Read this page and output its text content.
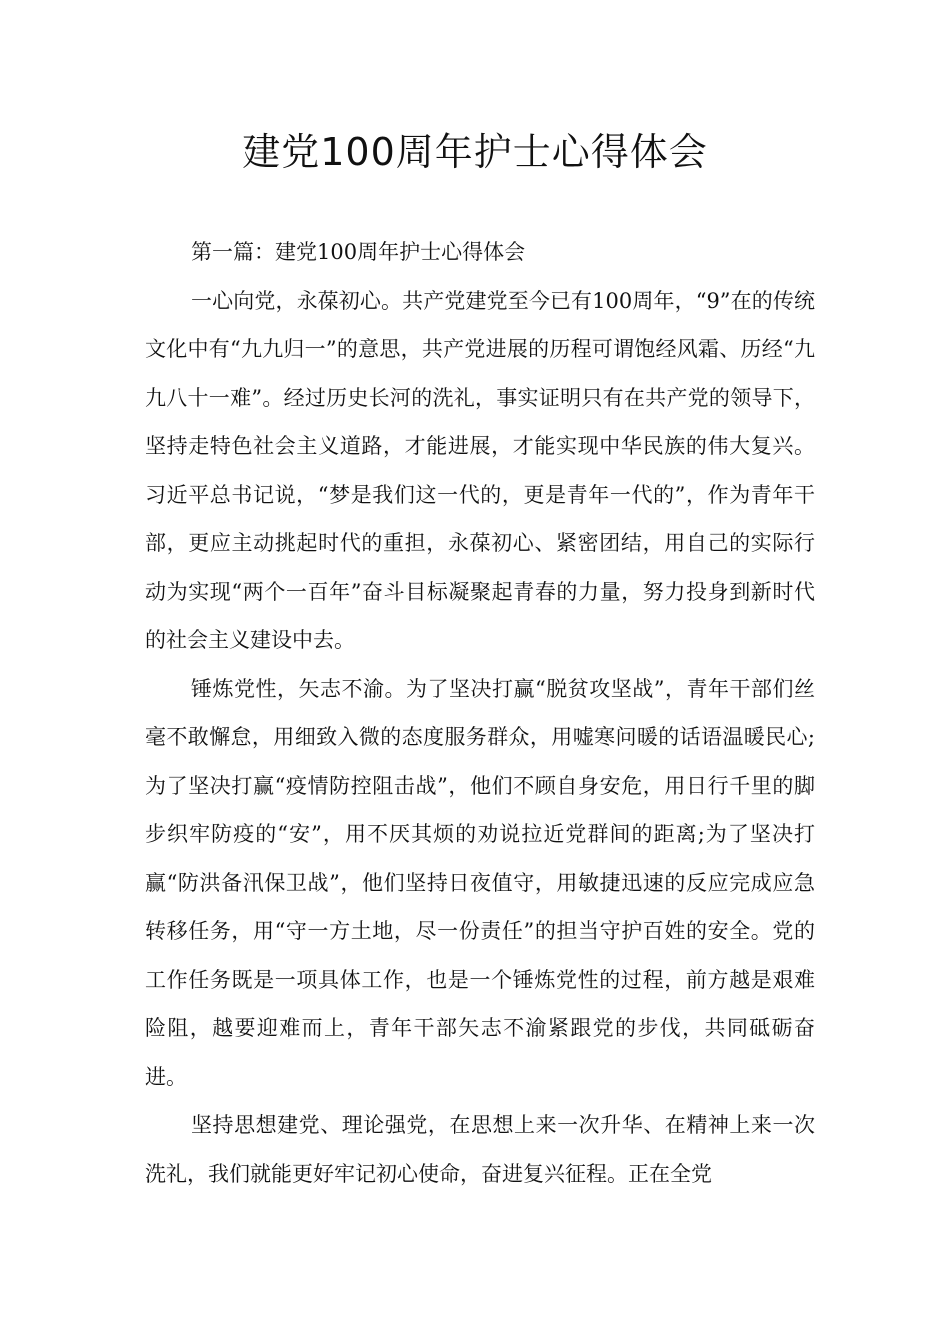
建党100周年护士心得体会

第一篇：建党100周年护士心得体会

一心向党，永葆初心。共产党建党至今已有100周年，“9”在的传统文化中有“九九归一”的意思，共产党进展的历程可谓饱经风霜、历经“九九八十一难”。经过历史长河的洗礼，事实证明只有在共产党的领导下，坚持走特色社会主义道路，才能进展，才能实现中华民族的伟大复兴。习近平总书记说，“梦是我们这一代的，更是青年一代的”，作为青年干部，更应主动挑起时代的重担，永葆初心、紧密团结，用自己的实际行动为实现“两个一百年”奋斗目标凝聚起青春的力量，努力投身到新时代的社会主义建设中去。

锤炼党性，矢志不渝。为了坚决打赢“脱贫攻坚战”，青年干部们丝毫不敢懈怠，用细致入微的态度服务群众，用嘘寒问暖的话语温暖民心;为了坚决打赢“疫情防控阻击战”，他们不顾自身安危，用日行千里的脚步织牢防疫的“安”，用不厌其烦的劝说拉近党群间的距离;为了坚决打赢“防洪备汛保卫战”，他们坚持日夜值守，用敏捷迅速的反应完成应急转移任务，用“守一方土地，尽一份责任”的担当守护百姓的安全。党的工作任务既是一项具体工作，也是一个锤炼党性的过程，前方越是艰难险阻，越要迎难而上，青年干部矢志不渝紧跟党的步伐，共同砥砺奋进。

坚持思想建党、理论强党，在思想上来一次升华、在精神上来一次洗礼，我们就能更好牢记初心使命，奋进复兴征程。正在全党
